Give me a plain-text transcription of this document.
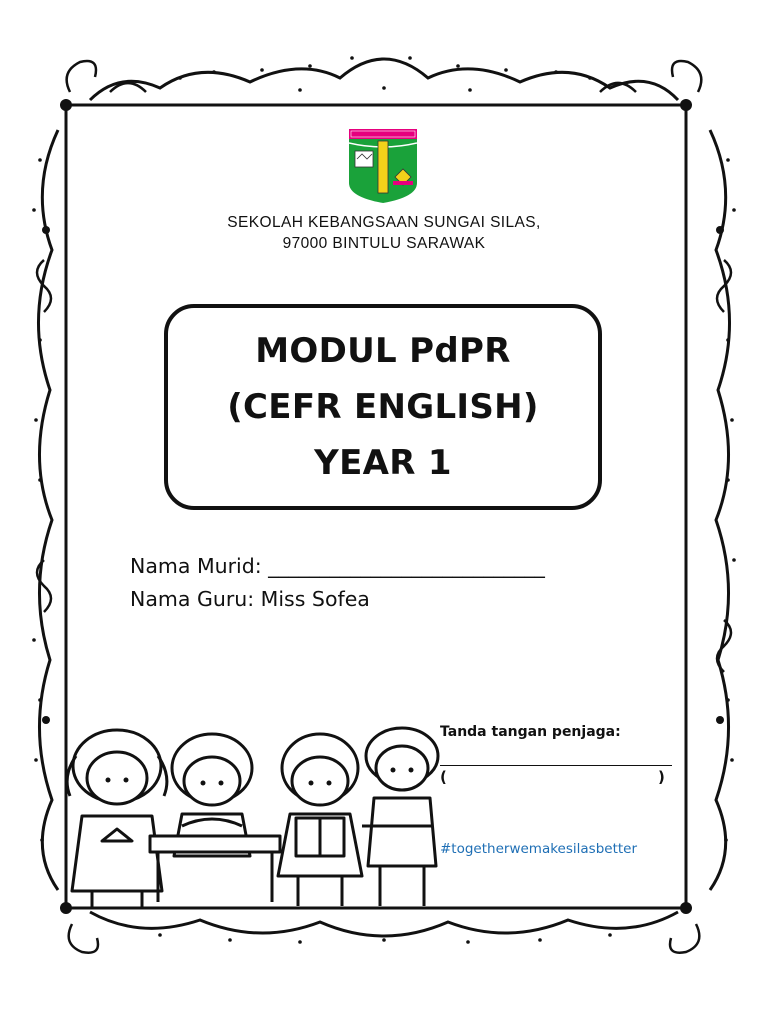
SEKOLAH KEBANGSAAN SUNGAI SILAS,
97000 BINTULU SARAWAK
MODUL PdPR
(CEFR ENGLISH)
YEAR 1
Nama Murid: ___________________________
Nama Guru: Miss Sofea
Tanda tangan penjaga:
(	)
#togetherwemakesilasbetter
